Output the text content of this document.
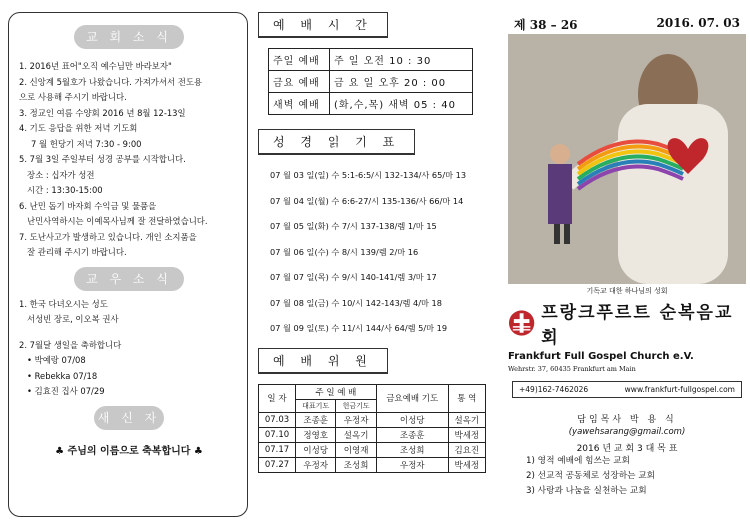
교 회 소 식
1. 2016년 표어"오직 예수님만 바라보자"
2. 신앙계 5월호가 나왔습니다. 가져가셔서 전도용
으로 사용해 주시기 바랍니다.
3. 정교인 여름 수양회 2016 년 8월 12-13일
4. 기도 응답을 위한 저녁 기도회
7 월 헌당기 저녁 7:30 - 9:00
5. 7월 3일 주일부터 성경 공부를 시작합니다.
장소 : 십자가 성전
시간 : 13:30-15:00
6. 난민 돕기 바자회 수익금 및 물품을
난민사역하시는 이예목사님께 잘 전달하였습니다.
7. 도난사고가 발생하고 있습니다. 개인 소지품을
잘 관리해 주시기 바랍니다.
교 우 소 식
1. 한국 다녀오시는 성도
서성빈 장로, 이오복 권사
2. 7월달 생일을 축하합니다
• 박예랑 07/08
• Rebekka 07/18
• 김효진 집사 07/29
새 신 자
♣ 주님의 이름으로 축복합니다 ♣
예 배 시 간
주일 예배	주 일 오전 10 : 30
금요 예배	금 요 일 오후 20 : 00
새벽 예배	(화,수,목) 새벽 05 : 40
성 경 읽 기 표
07 월 03 일(일) 수 5:1-6:5/시 132-134/사 65/마 13
07 월 04 일(월) 수 6:6-27/시 135-136/사 66/마 14
07 월 05 일(화) 수 7/시 137-138/렘 1/마 15
07 월 06 일(수) 수 8/시 139/렘 2/마 16
07 월 07 일(목) 수 9/시 140-141/렘 3/마 17
07 월 08 일(금) 수 10/시 142-143/렘 4/마 18
07 월 09 일(토) 수 11/시 144/사 64/렘 5/마 19
예 배 위 원
일 자	주 일 예 배		금요예배 기도	통 역
	대표기도	헌금기도		
07.03	조종훈	우정자	이성당	설옥기
07.10	정영호	설옥기	조종훈	박세정
07.17	이성당	이영재	조성희	김요진
07.27	우정자	조성희	우정자	박세정
제 38 – 26	2016. 07. 03
기독교 대한 하나님의 성회
프랑크푸르트 순복음교회
Frankfurt Full Gospel Church e.V.
Wehrstr. 37, 60435 Frankfurt am Main
+49)162-7462026	www.frankfurt-fullgospel.com
담임목사 박 용 식
(yawehsarang@gmail.com)
2016 년 교 회 3 대 목 표
1) 영적 예배에 힘쓰는 교회
2) 선교적 공동체로 성장하는 교회
3) 사랑과 나눔을 실천하는 교회
